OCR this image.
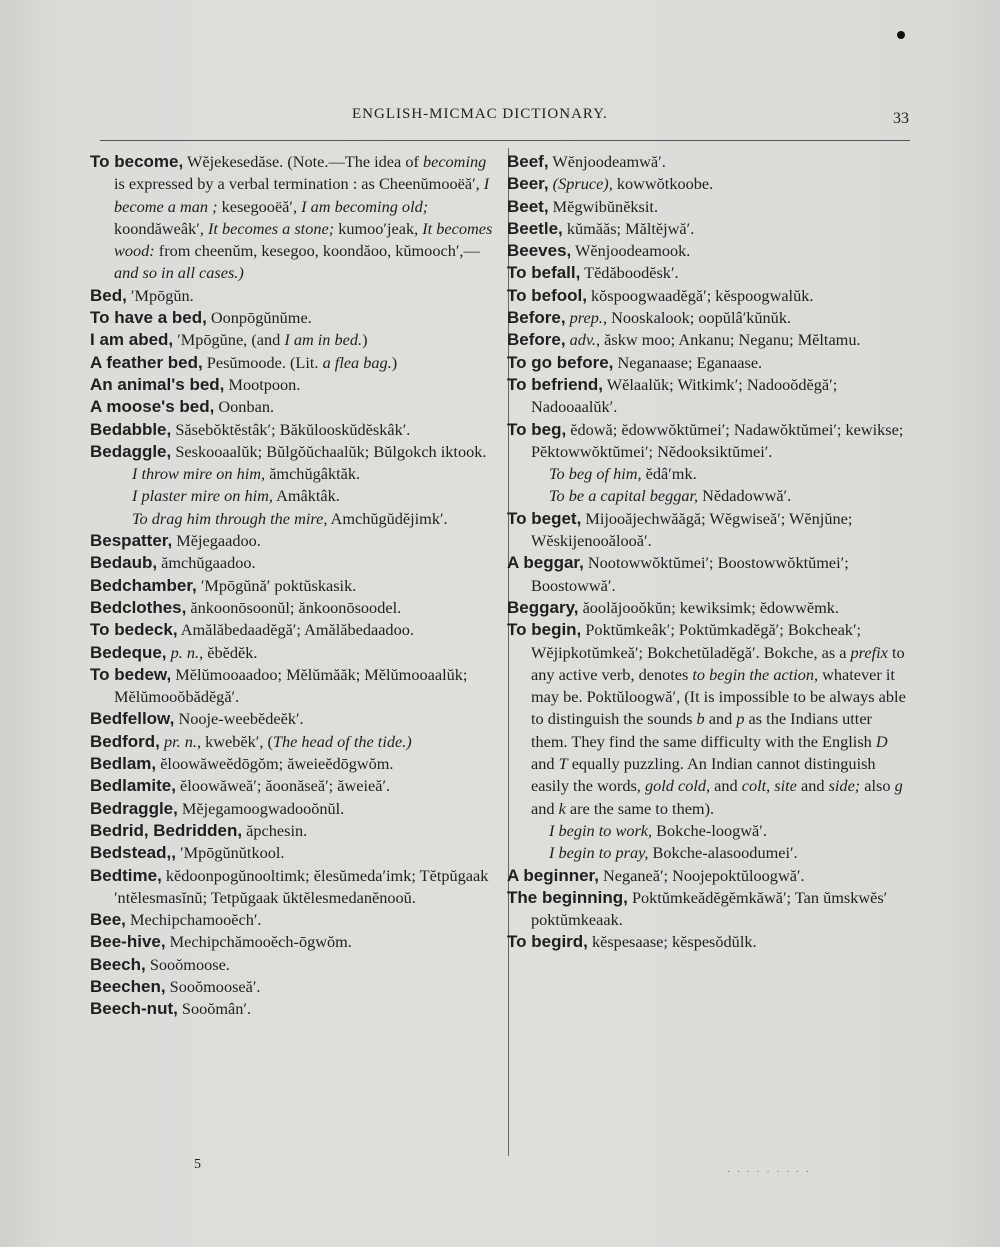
ENGLISH-MICMAC DICTIONARY.	33

To become, Wĕjekesedăse. (Note.—The idea of becoming is expressed by a verbal termination : as Cheenŭmooëă′, I become a man ; kesegooëă′, I am becoming old; koondăweâk′, It becomes a stone; kumoo′jeak, It becomes wood: from cheenŭm, kesegoo, koondăoo, kŭmooch′,—and so in all cases.)

Bed, ′Mpōgŭn.

To have a bed, Oonpōgŭnŭme.

I am abed, ′Mpōgŭne, (and I am in bed.)

A feather bed, Pesŭmoode. (Lit. a flea bag.)

An animal's bed, Mootpoon.

A moose's bed, Oonban.

Bedabble, Săsebŏktĕstâk′; Băkŭlooskŭdĕskâk′.

Bedaggle, Seskooaalŭk; Bŭlgŏŭchaalŭk; Bŭlgokch iktook.

I throw mire on him, ămchŭgâktăk.

I plaster mire on him, Amâktâk.

To drag him through the mire, Amchŭgŭdĕjimk′.

Bespatter, Mĕjegaadoo.

Bedaub, ămchŭgaadoo.

Bedchamber, ′Mpōgŭnă′ poktŭskasik.

Bedclothes, ănkoonōsoonŭl; ănkoonōsoodel.

To bedeck, Amălăbedaadĕgă′; Amălăbedaadoo.

Bedeque, p. n., ĕbĕdĕk.

To bedew, Mĕlŭmooaadoo; Mĕlŭmăăk; Mĕlŭmooaalŭk; Mĕlŭmooŏbădĕgă′.

Bedfellow, Nooje-weebĕdeĕk′.

Bedford, pr. n., kwebĕk′, (The head of the tide.)

Bedlam, ĕloowăweĕdōgŏm; ăweieĕdōgwŏm.

Bedlamite, ĕloowăweă′; ăoonăseă′; ăweieă′.

Bedraggle, Mĕjegamoogwadooŏnŭl.

Bedrid, Bedridden, ăpchesin.

Bedstead,, ′Mpōgŭnŭtkool.

Bedtime, kĕdoonpogŭnooltimk; ĕlesŭmeda′imk; Tĕtpŭgaak ′ntĕlesmasĭnŭ; Tetpŭgaak ŭktĕlesmedanĕnooŭ.

Bee, Mechipchamooĕch′.

Bee-hive, Mechipchămooĕch-ōgwŏm.

Beech, Sooŏmoose.

Beechen, Sooŏmooseă′.

Beech-nut, Sooŏmân′.

Beef, Wĕnjoodeamwă′.

Beer, (Spruce), kowwŏtkoobe.

Beet, Mĕgwibŭnĕksit.

Beetle, kŭmăăs; Măltĕjwă′.

Beeves, Wĕnjoodeamook.

To befall, Tĕdăboodĕsk′.

To befool, kŏspoogwaadĕgă′; kĕspoogwalŭk.

Before, prep., Nooskalook; oopŭlâ′kŭnŭk.

Before, adv., ăskw moo; Ankanu; Neganu; Mĕltamu.

To go before, Neganaase; Eganaase.

To befriend, Wĕlaalŭk; Witkimk′; Nadooŏdĕgă′; Nadooaalŭk′.

To beg, ĕdowă; ĕdowwŏktŭmei′; Nadawŏktŭmei′; kewikse; Pĕktowwŏktŭmei′; Nĕdooksiktŭmei′.

To beg of him, ĕdâ′mk.

To be a capital beggar, Nĕdadowwă′.

To beget, Mijooăjechwăăgă; Wĕgwiseă′; Wĕnjŭne; Wĕskijenooălooă′.

A beggar, Nootowwŏktŭmei′; Boostowwŏktŭmei′; Boostowwă′.

Beggary, ăoolăjooŏkŭn; kewiksimk; ĕdowwĕmk.

To begin, Poktŭmkeâk′; Poktŭmkadĕgă′; Bokcheak′; Wĕjipkotŭmkeă′; Bokchetŭladĕgă′. Bokche, as a prefix to any active verb, denotes to begin the action, whatever it may be. Poktŭloogwă′, (It is impossible to be always able to distinguish the sounds b and p as the Indians utter them. They find the same difficulty with the English D and T equally puzzling. An Indian cannot distinguish easily the words, gold cold, and colt, site and side; also g and k are the same to them).

I begin to work, Bokche-loogwă′.

I begin to pray, Bokche-alasoodumei′.

A beginner, Neganeă′; Noojepoktŭloogwă′.

The beginning, Poktŭmkeădĕgĕmkăwă′; Tan ŭmskwĕs′ poktŭmkeaak.

To begird, kĕspesaase; kĕspesŏdŭlk.

5
· · · · · · · · ·
